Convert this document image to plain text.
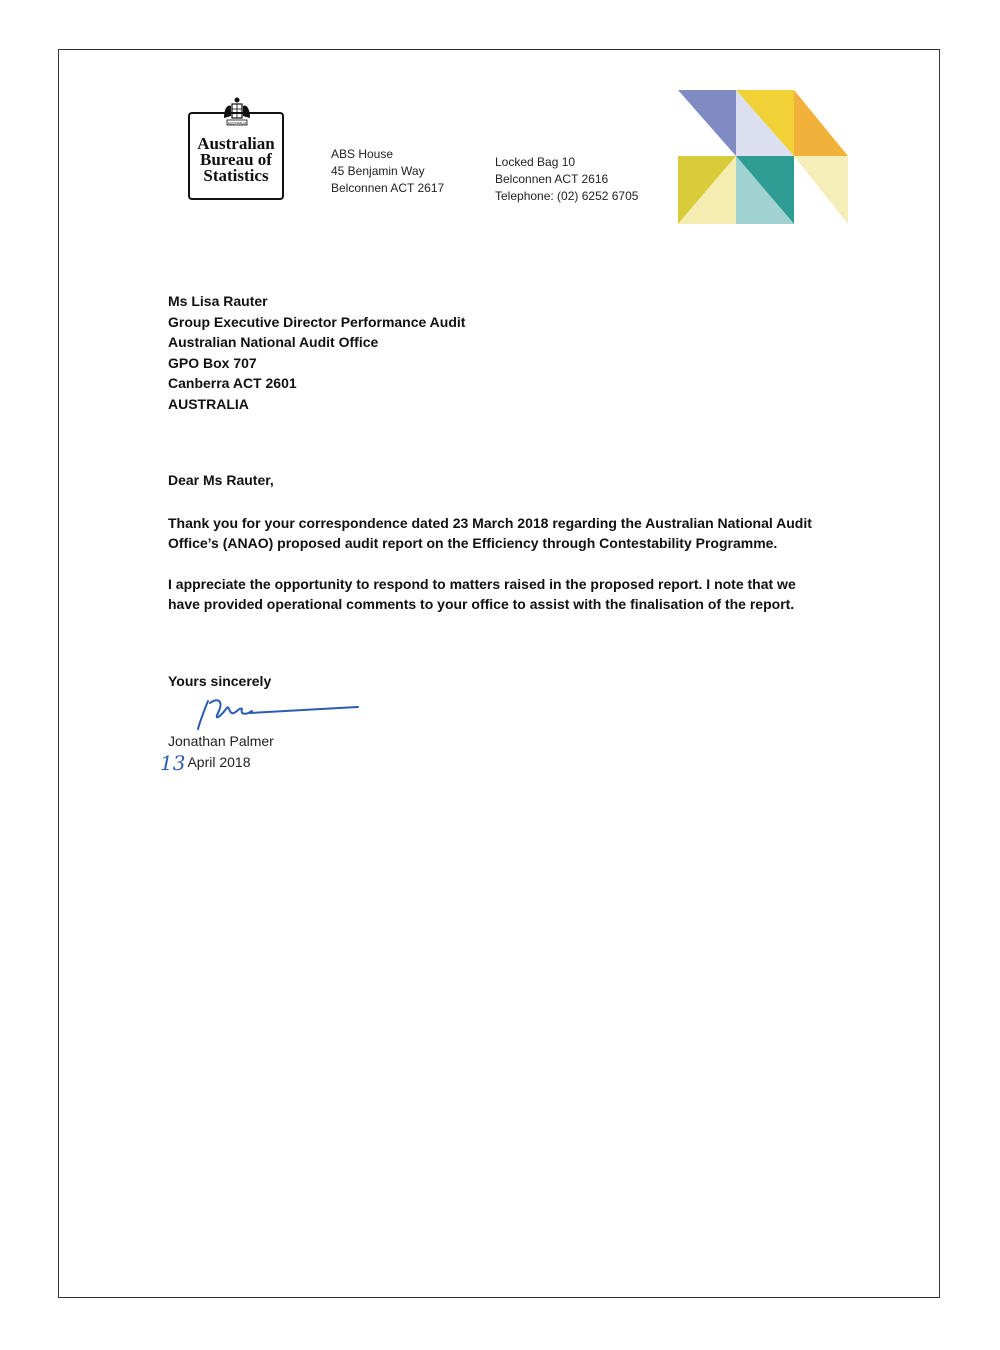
AUSTRALIA
Australian
Bureau of
Statistics
ABS House
45 Benjamin Way
Belconnen ACT 2617
Locked Bag 10
Belconnen ACT 2616
Telephone: (02) 6252 6705
Ms Lisa Rauter
Group Executive Director Performance Audit
Australian National Audit Office
GPO Box 707
Canberra ACT 2601
AUSTRALIA
Dear Ms Rauter,
Thank you for your correspondence dated 23 March 2018 regarding the Australian National Audit Office’s (ANAO) proposed audit report on the Efficiency through Contestability Programme.
I appreciate the opportunity to respond to matters raised in the proposed report. I note that we have provided operational comments to your office to assist with the finalisation of the report.
Yours sincerely
Jonathan Palmer
13 April 2018
